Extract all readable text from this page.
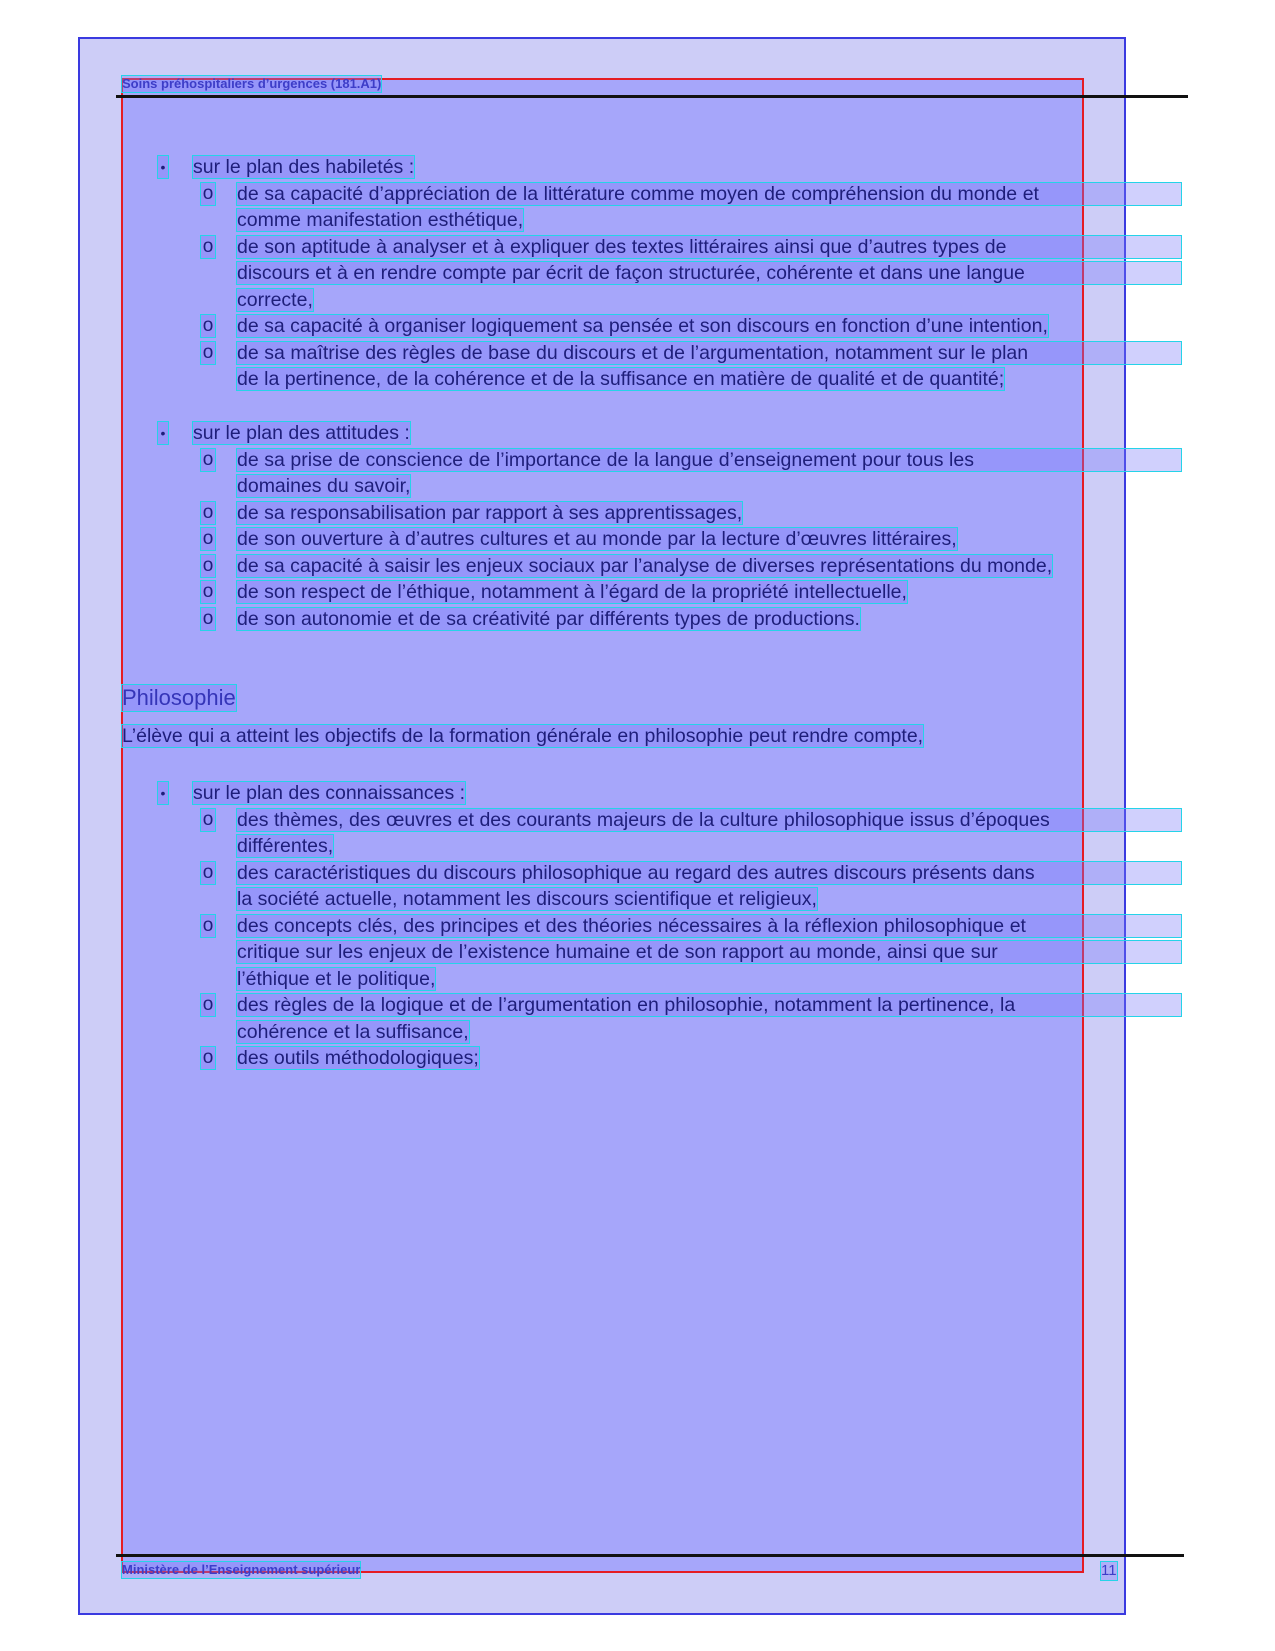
Soins préhospitaliers d’urgences (181.A1)
• sur le plan des habiletés :
o de sa capacité d’appréciation de la littérature comme moyen de compréhension du monde et
comme manifestation esthétique,
o de son aptitude à analyser et à expliquer des textes littéraires ainsi que d’autres types de
discours et à en rendre compte par écrit de façon structurée, cohérente et dans une langue
correcte,
o de sa capacité à organiser logiquement sa pensée et son discours en fonction d’une intention,
o de sa maîtrise des règles de base du discours et de l’argumentation, notamment sur le plan
de la pertinence, de la cohérence et de la suffisance en matière de qualité et de quantité;
• sur le plan des attitudes :
o de sa prise de conscience de l’importance de la langue d’enseignement pour tous les
domaines du savoir,
o de sa responsabilisation par rapport à ses apprentissages,
o de son ouverture à d’autres cultures et au monde par la lecture d’œuvres littéraires,
o de sa capacité à saisir les enjeux sociaux par l’analyse de diverses représentations du monde,
o de son respect de l’éthique, notamment à l’égard de la propriété intellectuelle,
o de son autonomie et de sa créativité par différents types de productions.
Philosophie
L’élève qui a atteint les objectifs de la formation générale en philosophie peut rendre compte,
• sur le plan des connaissances :
o des thèmes, des œuvres et des courants majeurs de la culture philosophique issus d’époques
différentes,
o des caractéristiques du discours philosophique au regard des autres discours présents dans
la société actuelle, notamment les discours scientifique et religieux,
o des concepts clés, des principes et des théories nécessaires à la réflexion philosophique et
critique sur les enjeux de l’existence humaine et de son rapport au monde, ainsi que sur
l’éthique et le politique,
o des règles de la logique et de l’argumentation en philosophie, notamment la pertinence, la
cohérence et la suffisance,
o des outils méthodologiques;
Ministère de l’Enseignement supérieur	11
